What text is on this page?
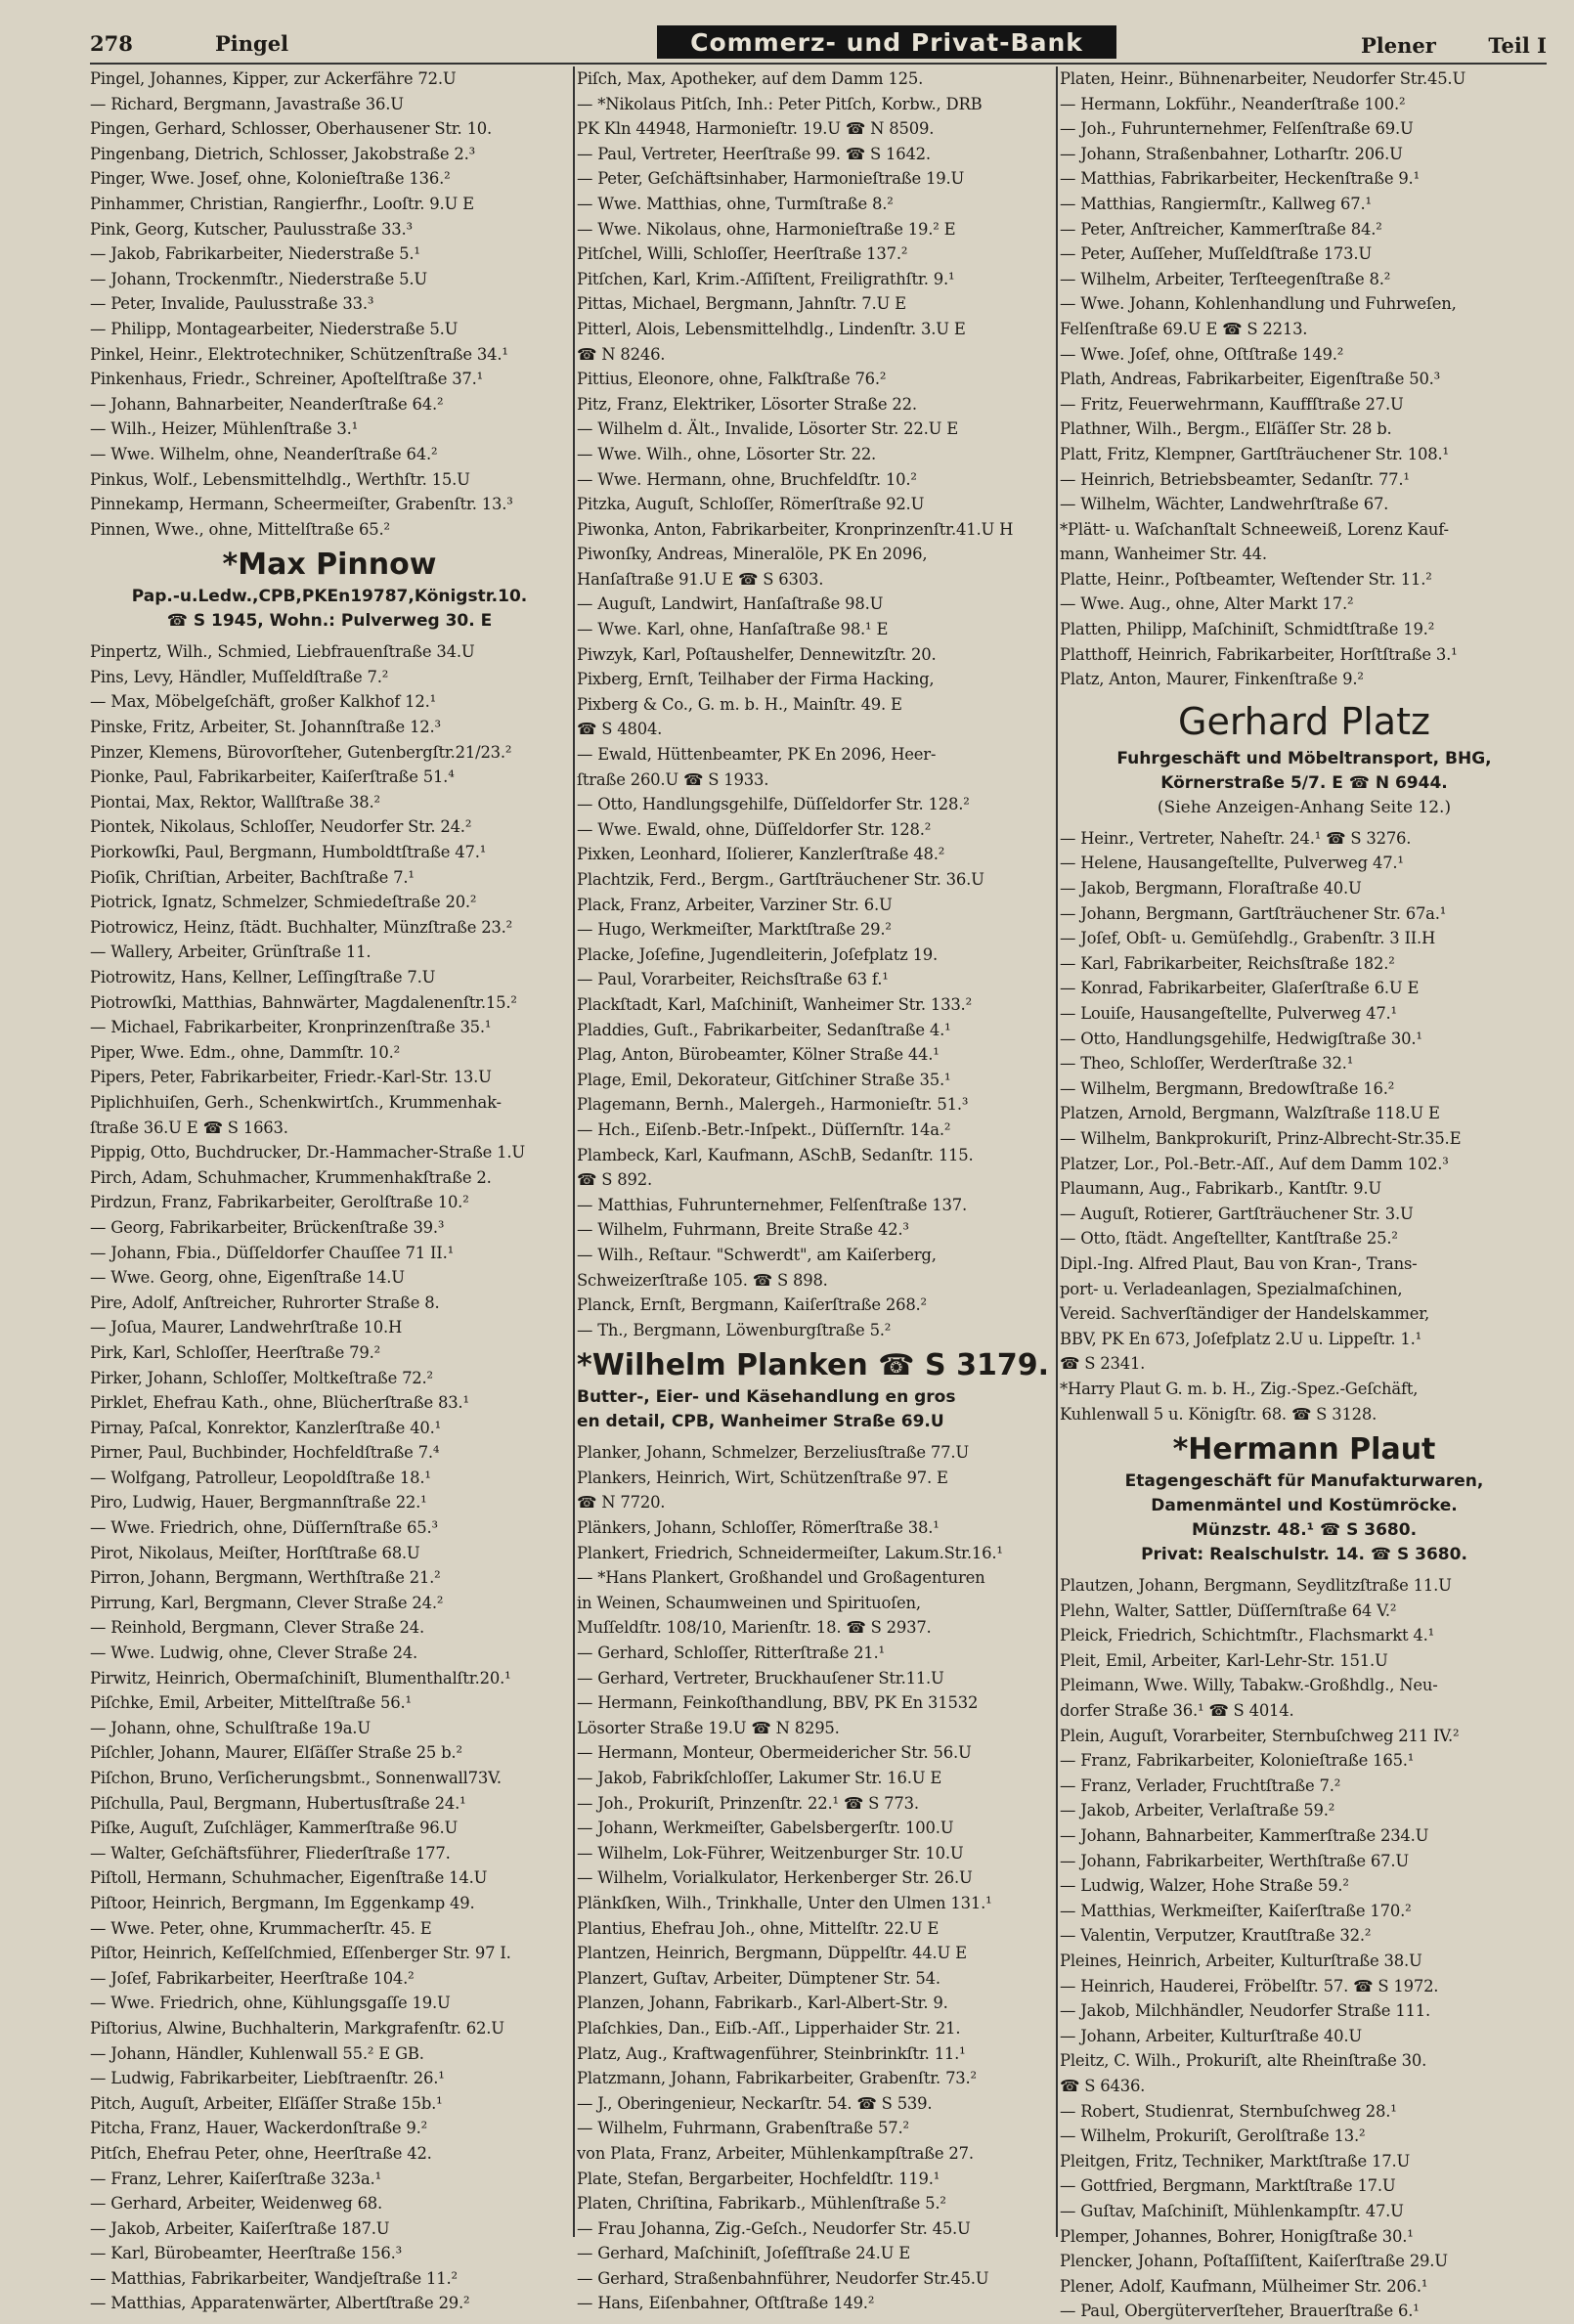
278	Pingel	Commerz- und Privat-Bank	Plener	Teil I
Pingel, Johannes, Kipper, zur Ackerfähre 72.U
— Richard, Bergmann, Javastraße 36.U
Pingen, Gerhard, Schlosser, Oberhausener Str. 10.
Pingenbang, Dietrich, Schlosser, Jakobstraße 2.³
Pinger, Wwe. Josef, ohne, Kolonieſtraße 136.²
Pinhammer, Christian, Rangierfhr., Looſtr. 9.U E
Pink, Georg, Kutscher, Paulusstraße 33.³
— Jakob, Fabrikarbeiter, Niederstraße 5.¹
— Johann, Trockenmſtr., Niederstraße 5.U
— Peter, Invalide, Paulusstraße 33.³
— Philipp, Montagearbeiter, Niederstraße 5.U
Pinkel, Heinr., Elektrotechniker, Schützenſtraße 34.¹
Pinkenhaus, Friedr., Schreiner, Apoſtelſtraße 37.¹
— Johann, Bahnarbeiter, Neanderſtraße 64.²
— Wilh., Heizer, Mühlenſtraße 3.¹
— Wwe. Wilhelm, ohne, Neanderſtraße 64.²
Pinkus, Wolf., Lebensmittelhdlg., Werthſtr. 15.U
Pinnekamp, Hermann, Scheermeiſter, Grabenſtr. 13.³
Pinnen, Wwe., ohne, Mittelſtraße 65.²
*Max Pinnow
Pap.-u.Ledw.,CPB,PKEn19787,Königstr.10.
☎ S 1945, Wohn.: Pulverweg 30. E
Pinpertz, Wilh., Schmied, Liebfrauenſtraße 34.U
Pins, Levy, Händler, Muſſeldſtraße 7.²
— Max, Möbelgeſchäft, großer Kalkhof 12.¹
Pinske, Fritz, Arbeiter, St. Johannſtraße 12.³
Pinzer, Klemens, Bürovorſteher, Gutenbergſtr.21/23.²
Pionke, Paul, Fabrikarbeiter, Kaiſerſtraße 51.⁴
Piontai, Max, Rektor, Wallſtraße 38.²
Piontek, Nikolaus, Schloſſer, Neudorfer Str. 24.²
Piorkowſki, Paul, Bergmann, Humboldtſtraße 47.¹
Pioſik, Chriſtian, Arbeiter, Bachſtraße 7.¹
Piotrick, Ignatz, Schmelzer, Schmiedeſtraße 20.²
Piotrowicz, Heinz, ſtädt. Buchhalter, Münzſtraße 23.²
— Wallery, Arbeiter, Grünſtraße 11.
Piotrowitz, Hans, Kellner, Leſſingſtraße 7.U
Piotrowſki, Matthias, Bahnwärter, Magdalenenſtr.15.²
— Michael, Fabrikarbeiter, Kronprinzenſtraße 35.¹
Piper, Wwe. Edm., ohne, Dammſtr. 10.²
Pipers, Peter, Fabrikarbeiter, Friedr.-Karl-Str. 13.U
Piplichhuiſen, Gerh., Schenkwirtſch., Krummenhak-
ſtraße 36.U E ☎ S 1663.
Pippig, Otto, Buchdrucker, Dr.-Hammacher-Straße 1.U
Pirch, Adam, Schuhmacher, Krummenhakſtraße 2.
Pirdzun, Franz, Fabrikarbeiter, Gerolſtraße 10.²
— Georg, Fabrikarbeiter, Brückenſtraße 39.³
— Johann, Fbia., Düſſeldorfer Chauſſee 71 II.¹
— Wwe. Georg, ohne, Eigenſtraße 14.U
Pire, Adolf, Anſtreicher, Ruhrorter Straße 8.
— Joſua, Maurer, Landwehrſtraße 10.H
Pirk, Karl, Schloſſer, Heerſtraße 79.²
Pirker, Johann, Schloſſer, Moltkeſtraße 72.²
Pirklet, Ehefrau Kath., ohne, Blücherſtraße 83.¹
Pirnay, Paſcal, Konrektor, Kanzlerſtraße 40.¹
Pirner, Paul, Buchbinder, Hochfeldſtraße 7.⁴
— Wolfgang, Patrolleur, Leopoldſtraße 18.¹
Piro, Ludwig, Hauer, Bergmannſtraße 22.¹
— Wwe. Friedrich, ohne, Düſſernſtraße 65.³
Pirot, Nikolaus, Meiſter, Horſtſtraße 68.U
Pirron, Johann, Bergmann, Werthſtraße 21.²
Pirrung, Karl, Bergmann, Clever Straße 24.²
— Reinhold, Bergmann, Clever Straße 24.
— Wwe. Ludwig, ohne, Clever Straße 24.
Pirwitz, Heinrich, Obermaſchiniſt, Blumenthalſtr.20.¹
Piſchke, Emil, Arbeiter, Mittelſtraße 56.¹
— Johann, ohne, Schulſtraße 19a.U
Piſchler, Johann, Maurer, Elſäſſer Straße 25 b.²
Piſchon, Bruno, Verſicherungsbmt., Sonnenwall73V.
Piſchulla, Paul, Bergmann, Hubertusſtraße 24.¹
Piſke, Auguſt, Zuſchläger, Kammerſtraße 96.U
— Walter, Geſchäftsführer, Fliederſtraße 177.
Piſtoll, Hermann, Schuhmacher, Eigenſtraße 14.U
Piſtoor, Heinrich, Bergmann, Im Eggenkamp 49.
— Wwe. Peter, ohne, Krummacherſtr. 45. E
Piſtor, Heinrich, Keſſelſchmied, Eſſenberger Str. 97 I.
— Joſef, Fabrikarbeiter, Heerſtraße 104.²
— Wwe. Friedrich, ohne, Kühlungsgaſſe 19.U
Piſtorius, Alwine, Buchhalterin, Markgrafenſtr. 62.U
— Johann, Händler, Kuhlenwall 55.² E GB.
— Ludwig, Fabrikarbeiter, Liebſtraenſtr. 26.¹
Pitch, Auguſt, Arbeiter, Elſäſſer Straße 15b.¹
Pitcha, Franz, Hauer, Wackerdonſtraße 9.²
Pitſch, Ehefrau Peter, ohne, Heerſtraße 42.
— Franz, Lehrer, Kaiſerſtraße 323a.¹
— Gerhard, Arbeiter, Weidenweg 68.
— Jakob, Arbeiter, Kaiſerſtraße 187.U
— Karl, Bürobeamter, Heerſtraße 156.³
— Matthias, Fabrikarbeiter, Wandjeſtraße 11.²
— Matthias, Apparatenwärter, Albertſtraße 29.²
Piſch, Max, Apotheker, auf dem Damm 125.
— *Nikolaus Pitſch, Inh.: Peter Pitſch, Korbw., DRB
PK Kln 44948, Harmonieſtr. 19.U ☎ N 8509.
— Paul, Vertreter, Heerſtraße 99. ☎ S 1642.
— Peter, Geſchäftsinhaber, Harmonieſtraße 19.U
— Wwe. Matthias, ohne, Turmſtraße 8.²
— Wwe. Nikolaus, ohne, Harmonieſtraße 19.² E
Pitſchel, Willi, Schloſſer, Heerſtraße 137.²
Pitſchen, Karl, Krim.-Aſſiſtent, Freiligrathſtr. 9.¹
Pittas, Michael, Bergmann, Jahnſtr. 7.U E
Pitterl, Alois, Lebensmittelhdlg., Lindenſtr. 3.U E
☎ N 8246.
Pittius, Eleonore, ohne, Falkſtraße 76.²
Pitz, Franz, Elektriker, Lösorter Straße 22.
— Wilhelm d. Ält., Invalide, Lösorter Str. 22.U E
— Wwe. Wilh., ohne, Lösorter Str. 22.
— Wwe. Hermann, ohne, Bruchfeldſtr. 10.²
Pitzka, Auguſt, Schloſſer, Römerſtraße 92.U
Piwonka, Anton, Fabrikarbeiter, Kronprinzenſtr.41.U H
Piwonſky, Andreas, Mineralöle, PK En 2096,
Hanſaſtraße 91.U E ☎ S 6303.
— Auguſt, Landwirt, Hanſaſtraße 98.U
— Wwe. Karl, ohne, Hanſaſtraße 98.¹ E
Piwzyk, Karl, Poſtaushelfer, Dennewitzſtr. 20.
Pixberg, Ernſt, Teilhaber der Firma Hacking,
Pixberg & Co., G. m. b. H., Mainſtr. 49. E
☎ S 4804.
— Ewald, Hüttenbeamter, PK En 2096, Heer-
ſtraße 260.U ☎ S 1933.
— Otto, Handlungsgehilfe, Düſſeldorfer Str. 128.²
— Wwe. Ewald, ohne, Düſſeldorfer Str. 128.²
Pixken, Leonhard, Iſolierer, Kanzlerſtraße 48.²
Plachtzik, Ferd., Bergm., Gartſträuchener Str. 36.U
Plack, Franz, Arbeiter, Varziner Str. 6.U
— Hugo, Werkmeiſter, Marktſtraße 29.²
Placke, Joſefine, Jugendleiterin, Joſefplatz 19.
— Paul, Vorarbeiter, Reichsſtraße 63 f.¹
Plackſtadt, Karl, Maſchiniſt, Wanheimer Str. 133.²
Pladdies, Guſt., Fabrikarbeiter, Sedanſtraße 4.¹
Plag, Anton, Bürobeamter, Kölner Straße 44.¹
Plage, Emil, Dekorateur, Gitſchiner Straße 35.¹
Plagemann, Bernh., Malergeh., Harmonieſtr. 51.³
— Hch., Eiſenb.-Betr.-Inſpekt., Düſſernſtr. 14a.²
Plambeck, Karl, Kaufmann, ASchB, Sedanſtr. 115.
☎ S 892.
— Matthias, Fuhrunternehmer, Felſenſtraße 137.
— Wilhelm, Fuhrmann, Breite Straße 42.³
— Wilh., Reſtaur. "Schwerdt", am Kaiſerberg,
Schweizerſtraße 105. ☎ S 898.
Planck, Ernſt, Bergmann, Kaiſerſtraße 268.²
— Th., Bergmann, Löwenburgſtraße 5.²
*Wilhelm Planken ☎ S 3179.
Butter-, Eier- und Käsehandlung en gros
en detail, CPB, Wanheimer Straße 69.U
Planker, Johann, Schmelzer, Berzeliusſtraße 77.U
Plankers, Heinrich, Wirt, Schützenſtraße 97. E
☎ N 7720.
Plänkers, Johann, Schloſſer, Römerſtraße 38.¹
Plankert, Friedrich, Schneidermeiſter, Lakum.Str.16.¹
— *Hans Plankert, Großhandel und Großagenturen
in Weinen, Schaumweinen und Spirituoſen,
Muſſeldſtr. 108/10, Marienſtr. 18. ☎ S 2937.
— Gerhard, Schloſſer, Ritterſtraße 21.¹
— Gerhard, Vertreter, Bruckhauſener Str.11.U
— Hermann, Feinkoſthandlung, BBV, PK En 31532
Lösorter Straße 19.U ☎ N 8295.
— Hermann, Monteur, Obermeidericher Str. 56.U
— Jakob, Fabrikſchloſſer, Lakumer Str. 16.U E
— Joh., Prokuriſt, Prinzenſtr. 22.¹ ☎ S 773.
— Johann, Werkmeiſter, Gabelsbergerſtr. 100.U
— Wilhelm, Lok-Führer, Weitzenburger Str. 10.U
— Wilhelm, Vorialkulator, Herkenberger Str. 26.U
Plänkſken, Wilh., Trinkhalle, Unter den Ulmen 131.¹
Plantius, Ehefrau Joh., ohne, Mittelſtr. 22.U E
Plantzen, Heinrich, Bergmann, Düppelſtr. 44.U E
Planzert, Guſtav, Arbeiter, Dümptener Str. 54.
Planzen, Johann, Fabrikarb., Karl-Albert-Str. 9.
Plaſchkies, Dan., Eiſb.-Aſſ., Lipperhaider Str. 21.
Platz, Aug., Kraftwagenführer, Steinbrinkſtr. 11.¹
Platzmann, Johann, Fabrikarbeiter, Grabenſtr. 73.²
— J., Oberingenieur, Neckarſtr. 54. ☎ S 539.
— Wilhelm, Fuhrmann, Grabenſtraße 57.²
von Plata, Franz, Arbeiter, Mühlenkampſtraße 27.
Plate, Stefan, Bergarbeiter, Hochfeldſtr. 119.¹
Platen, Chriſtina, Fabrikarb., Mühlenſtraße 5.²
— Frau Johanna, Zig.-Geſch., Neudorfer Str. 45.U
— Gerhard, Maſchiniſt, Joſefſtraße 24.U E
— Gerhard, Straßenbahnführer, Neudorfer Str.45.U
— Hans, Eiſenbahner, Oſtſtraße 149.²
Platen, Heinr., Bühnenarbeiter, Neudorfer Str.45.U
— Hermann, Lokführ., Neanderſtraße 100.²
— Joh., Fuhrunternehmer, Felſenſtraße 69.U
— Johann, Straßenbahner, Lotharſtr. 206.U
— Matthias, Fabrikarbeiter, Heckenſtraße 9.¹
— Matthias, Rangiermſtr., Kallweg 67.¹
— Peter, Anſtreicher, Kammerſtraße 84.²
— Peter, Auſſeher, Muſſeldſtraße 173.U
— Wilhelm, Arbeiter, Terſteegenſtraße 8.²
— Wwe. Johann, Kohlenhandlung und Fuhrweſen,
Felſenſtraße 69.U E ☎ S 2213.
— Wwe. Joſef, ohne, Oſtſtraße 149.²
Plath, Andreas, Fabrikarbeiter, Eigenſtraße 50.³
— Fritz, Feuerwehrmann, Kauffſtraße 27.U
Plathner, Wilh., Bergm., Elſäſſer Str. 28 b.
Platt, Fritz, Klempner, Gartſträuchener Str. 108.¹
— Heinrich, Betriebsbeamter, Sedanſtr. 77.¹
— Wilhelm, Wächter, Landwehrſtraße 67.
*Plätt- u. Waſchanſtalt Schneeweiß, Lorenz Kauf-
mann, Wanheimer Str. 44.
Platte, Heinr., Poſtbeamter, Weſtender Str. 11.²
— Wwe. Aug., ohne, Alter Markt 17.²
Platten, Philipp, Maſchiniſt, Schmidtſtraße 19.²
Platthoff, Heinrich, Fabrikarbeiter, Horſtſtraße 3.¹
Platz, Anton, Maurer, Finkenſtraße 9.²
Gerhard Platz
Fuhrgeschäft und Möbeltransport, BHG,
Körnerstraße 5/7. E ☎ N 6944.
(Siehe Anzeigen-Anhang Seite 12.)
— Heinr., Vertreter, Naheſtr. 24.¹ ☎ S 3276.
— Helene, Hausangeſtellte, Pulverweg 47.¹
— Jakob, Bergmann, Floraſtraße 40.U
— Johann, Bergmann, Gartſträuchener Str. 67a.¹
— Joſef, Obſt- u. Gemüſehdlg., Grabenſtr. 3 II.H
— Karl, Fabrikarbeiter, Reichsſtraße 182.²
— Konrad, Fabrikarbeiter, Glaſerſtraße 6.U E
— Louiſe, Hausangeſtellte, Pulverweg 47.¹
— Otto, Handlungsgehilfe, Hedwigſtraße 30.¹
— Theo, Schloſſer, Werderſtraße 32.¹
— Wilhelm, Bergmann, Bredowſtraße 16.²
Platzen, Arnold, Bergmann, Walzſtraße 118.U E
— Wilhelm, Bankprokuriſt, Prinz-Albrecht-Str.35.E
Platzer, Lor., Pol.-Betr.-Aſſ., Auf dem Damm 102.³
Plaumann, Aug., Fabrikarb., Kantſtr. 9.U
— Auguſt, Rotierer, Gartſträuchener Str. 3.U
— Otto, ſtädt. Angeſtellter, Kantſtraße 25.²
Dipl.-Ing. Alfred Plaut, Bau von Kran-, Trans-
port- u. Verladeanlagen, Spezialmaſchinen,
Vereid. Sachverſtändiger der Handelskammer,
BBV, PK En 673, Joſefplatz 2.U u. Lippeſtr. 1.¹
☎ S 2341.
*Harry Plaut G. m. b. H., Zig.-Spez.-Geſchäft,
Kuhlenwall 5 u. Königſtr. 68. ☎ S 3128.
*Hermann Plaut
Etagengeschäft für Manufakturwaren,
Damenmäntel und Kostümröcke.
Münzstr. 48.¹ ☎ S 3680.
Privat: Realschulstr. 14. ☎ S 3680.
Plautzen, Johann, Bergmann, Seydlitzſtraße 11.U
Plehn, Walter, Sattler, Düſſernſtraße 64 V.²
Pleick, Friedrich, Schichtmſtr., Flachsmarkt 4.¹
Pleit, Emil, Arbeiter, Karl-Lehr-Str. 151.U
Pleimann, Wwe. Willy, Tabakw.-Großhdlg., Neu-
dorfer Straße 36.¹ ☎ S 4014.
Plein, Auguſt, Vorarbeiter, Sternbuſchweg 211 IV.²
— Franz, Fabrikarbeiter, Kolonieſtraße 165.¹
— Franz, Verlader, Fruchtſtraße 7.²
— Jakob, Arbeiter, Verlaſtraße 59.²
— Johann, Bahnarbeiter, Kammerſtraße 234.U
— Johann, Fabrikarbeiter, Werthſtraße 67.U
— Ludwig, Walzer, Hohe Straße 59.²
— Matthias, Werkmeiſter, Kaiſerſtraße 170.²
— Valentin, Verputzer, Krautſtraße 32.²
Pleines, Heinrich, Arbeiter, Kulturſtraße 38.U
— Heinrich, Hauderei, Fröbelſtr. 57. ☎ S 1972.
— Jakob, Milchhändler, Neudorfer Straße 111.
— Johann, Arbeiter, Kulturſtraße 40.U
Pleitz, C. Wilh., Prokuriſt, alte Rheinſtraße 30.
☎ S 6436.
— Robert, Studienrat, Sternbuſchweg 28.¹
— Wilhelm, Prokuriſt, Gerolſtraße 13.²
Pleitgen, Fritz, Techniker, Marktſtraße 17.U
— Gottfried, Bergmann, Marktſtraße 17.U
— Guſtav, Maſchiniſt, Mühlenkampſtr. 47.U
Plemper, Johannes, Bohrer, Honigſtraße 30.¹
Plencker, Johann, Poſtaſſiſtent, Kaiſerſtraße 29.U
Plener, Adolf, Kaufmann, Mülheimer Str. 206.¹
— Paul, Obergüterverſteher, Brauerſtraße 6.¹
